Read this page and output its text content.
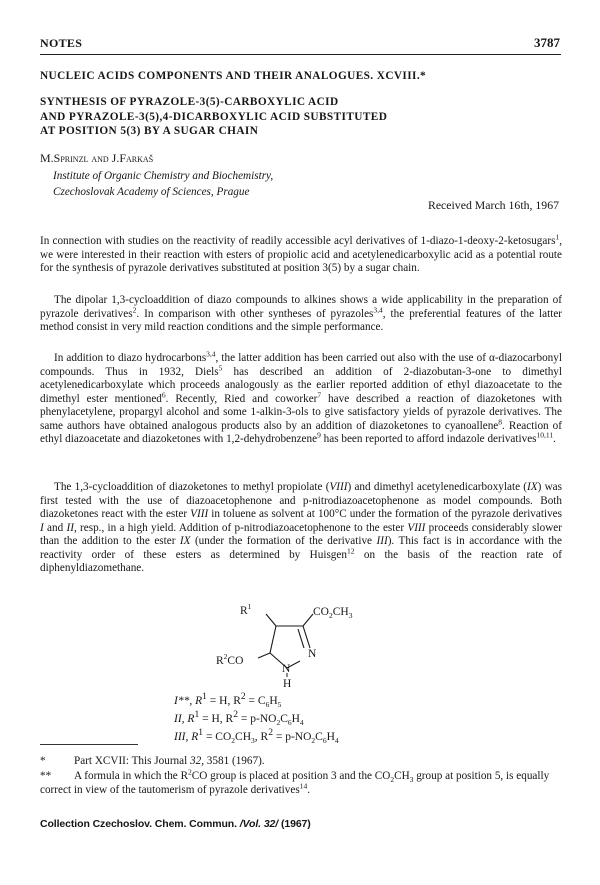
NOTES	3787
NUCLEIC ACIDS COMPONENTS AND THEIR ANALOGUES. XCVIII.*
SYNTHESIS OF PYRAZOLE-3(5)-CARBOXYLIC ACID
AND PYRAZOLE-3(5),4-DICARBOXYLIC ACID SUBSTITUTED
AT POSITION 5(3) BY A SUGAR CHAIN
M.Sprinzl and J.Farkaš
Institute of Organic Chemistry and Biochemistry,
Czechoslovak Academy of Sciences, Prague
Received March 16th, 1967

In connection with studies on the reactivity of readily accessible acyl derivatives of 1-diazo-1-deoxy-2-ketosugars$^1$, we were interested in their reaction with esters of propiolic acid and acetylenedicarboxylic acid as a potential route for the synthesis of pyrazole derivatives substituted at position 3(5) by a sugar chain.

The dipolar 1,3-cycloaddition of diazo compounds to alkines shows a wide applicability in the preparation of pyrazole derivatives$^2$. In comparison with other syntheses of pyrazoles$^{3,4}$, the preferential features of the latter method consist in very mild reaction conditions and the simple performance.

In addition to diazo hydrocarbons$^{3,4}$, the latter addition has been carried out also with the use of α-diazocarbonyl compounds. Thus in 1932, Diels$^5$ has described an addition of 2-diazobutan-3-one to dimethyl acetylenedicarboxylate which proceeds analogously as the earlier reported addition of ethyl diazoacetate to the dimethyl ester mentioned$^6$. Recently, Ried and coworker$^7$ have described a reaction of diazoketones with phenylacetylene, propargyl alcohol and some 1-alkin-3-ols to give satisfactory yields of pyrazole derivatives. The same authors have obtained analogous products also by an addition of diazoketones to cyanoallene$^8$. Reaction of ethyl diazoacetate and diazoketones with 1,2-dehydrobenzene$^9$ has been reported to afford indazole derivatives$^{10,11}$.

The 1,3-cycloaddition of diazoketones to methyl propiolate (VIII) and dimethyl acetylenedicarboxylate (IX) was first tested with the use of diazoacetophenone and p-nitrodiazoacetophenone as model compounds. Both diazoketones react with the ester VIII in toluene as solvent at 100°C under the formation of the pyrazole derivatives I and II, resp., in a high yield. Addition of p-nitrodiazoacetophenone to the ester VIII proceeds considerably slower than the addition to the ester IX (under the formation of the derivative III). This fact is in accordance with the reactivity order of these esters as determined by Huisgen$^{12}$ on the basis of the reaction rate of diphenyldiazomethane.

$R^1$	$CO_2CH_3$
N
$R^2CO$
N
H
I**, $R^1 = H$, $R^2 = C_6H_5$
II, $R^1 = H$, $R^2 = p-NO_2C_6H_4$
III, $R^1 = CO_2CH_3$, $R^2 = p-NO_2C_6H_4$
*	Part XCVII: This Journal 32, 3581 (1967).
** A formula in which the $R^2CO$ group is placed at position 3 and the $CO_2CH_3$ group at position 5, is equally correct in view of the tautomerism of pyrazole derivatives$^{14}$.
Collection Czechoslov. Chem. Commun. /Vol. 32/ (1967)
